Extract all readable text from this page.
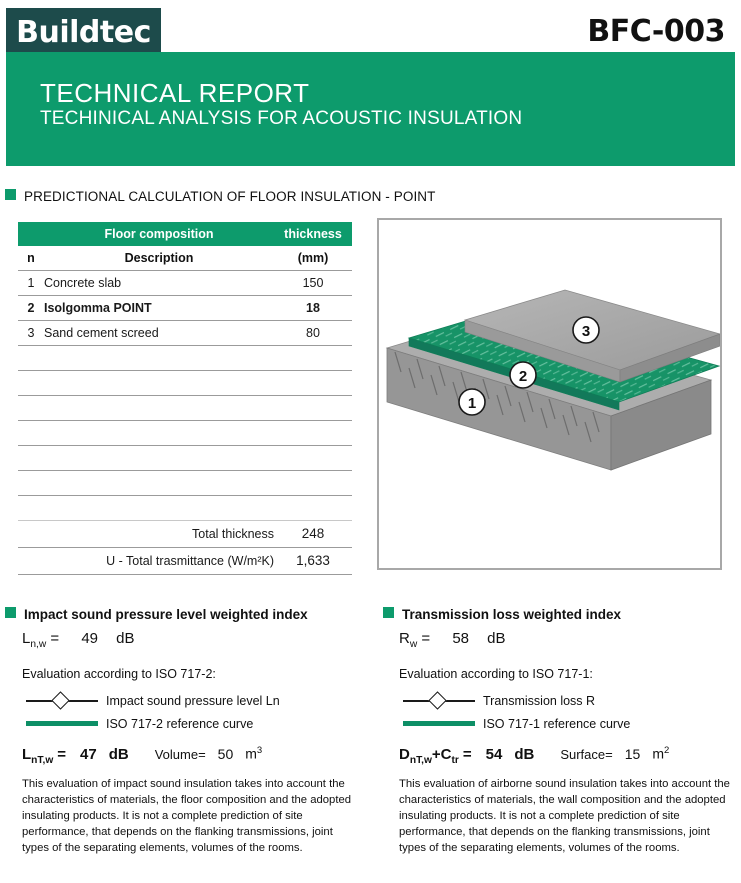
Buildtec	BFC-003
TECHNICAL REPORT
TECHINICAL ANALYSIS FOR ACOUSTIC INSULATION
PREDICTIONAL CALCULATION OF FLOOR INSULATION - POINT
	Floor composition	thickness
n	Description	(mm)
1	Concrete slab	150
2	Isolgomma POINT	18
3	Sand cement screed	80

Total thickness		248
U - Total trasmittance (W/m²K)		1,633
1
2
3
Impact sound pressure level weighted index
$L_{n,w} = 49$ dB
Evaluation according to ISO 717-2:
Impact sound pressure level Ln
ISO 717-2 reference curve
$L_{nT,w} = 47$ dB Volume= 50 $m^3$
This evaluation of impact sound insulation takes into account the characteristics of materials, the floor composition and the adopted insulating products. It is not a complete prediction of site performance, that depends on the flanking transmissions, joint types of the separating elements, volumes of the rooms.
Transmission loss weighted index
$R_w = 58$ dB
Evaluation according to ISO 717-1:
Transmission loss R
ISO 717-1 reference curve
$D_{nT,w}+C_{tr} = 54$ dB Surface= 15 $m^2$
This evaluation of airborne sound insulation takes into account the characteristics of materials, the wall composition and the adopted insulating products. It is not a complete prediction of site performance, that depends on the flanking transmissions, joint types of the separating elements, volumes of the rooms.
